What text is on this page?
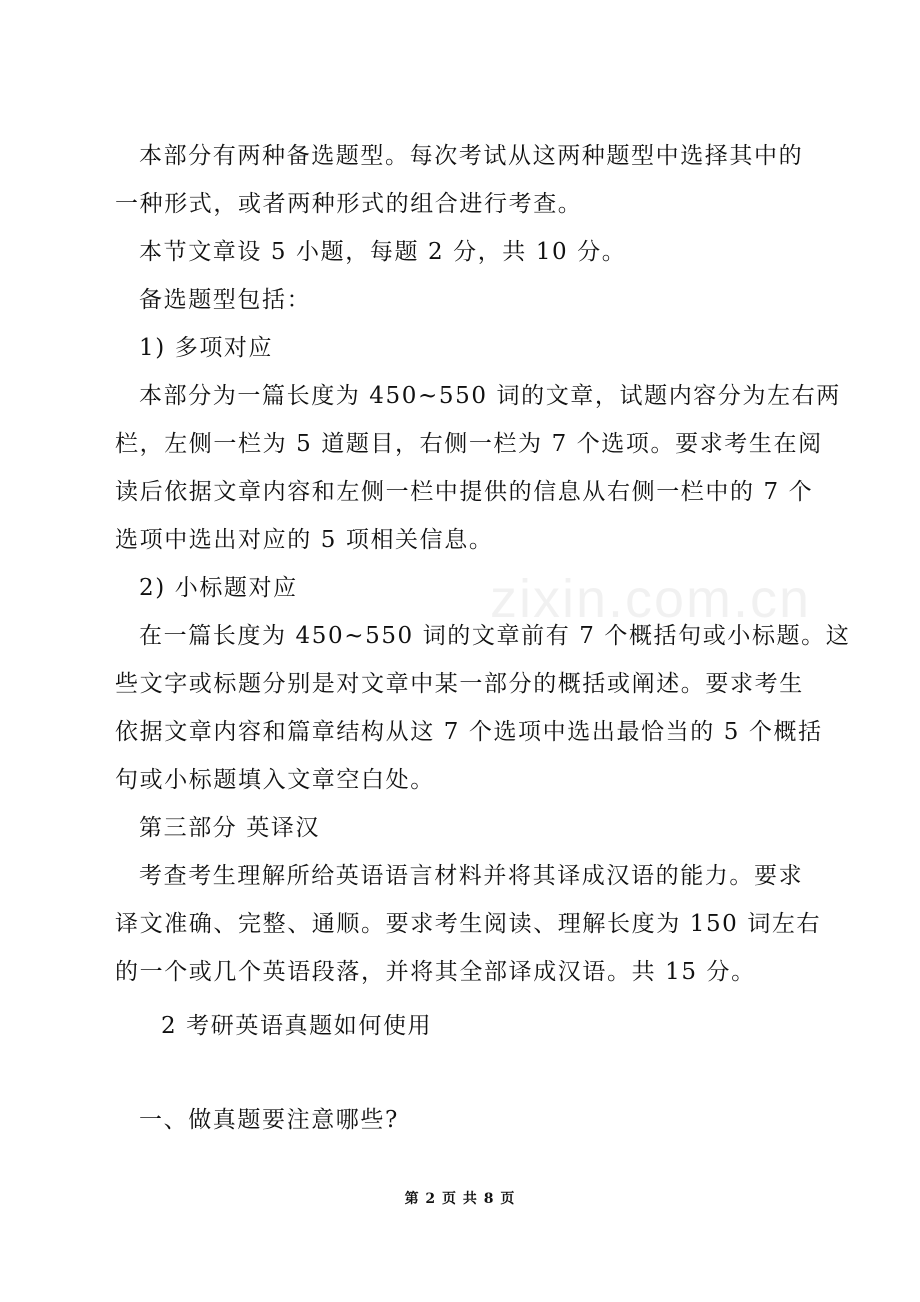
本部分有两种备选题型。每次考试从这两种题型中选择其中的
一种形式，或者两种形式的组合进行考查。
本节文章设 5 小题，每题 2 分，共 10 分。
备选题型包括：
1) 多项对应
本部分为一篇长度为 450~550 词的文章，试题内容分为左右两
栏，左侧一栏为 5 道题目，右侧一栏为 7 个选项。要求考生在阅
读后依据文章内容和左侧一栏中提供的信息从右侧一栏中的 7 个
选项中选出对应的 5 项相关信息。
2) 小标题对应
在一篇长度为 450~550 词的文章前有 7 个概括句或小标题。这
些文字或标题分别是对文章中某一部分的概括或阐述。要求考生
依据文章内容和篇章结构从这 7 个选项中选出最恰当的 5 个概括
句或小标题填入文章空白处。
第三部分 英译汉
考查考生理解所给英语语言材料并将其译成汉语的能力。要求
译文准确、完整、通顺。要求考生阅读、理解长度为 150 词左右
的一个或几个英语段落，并将其全部译成汉语。共 15 分。
2 考研英语真题如何使用
一、做真题要注意哪些?
zixin.com.cn
第 2 页 共 8 页
